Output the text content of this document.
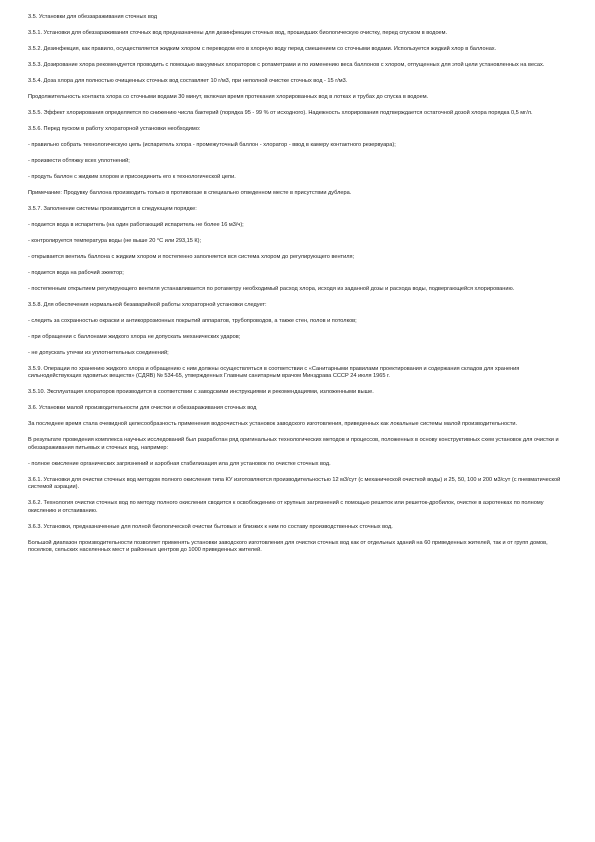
3.5. Установки для обеззараживания сточных вод

3.5.1. Установки для обеззараживания сточных вод предназначены для дезинфекции сточных вод, прошедших биологическую очистку, перед спуском в водоем.

3.5.2. Дезинфекция, как правило, осуществляется жидким хлором с переводом его в хлорную воду перед смешением со сточными водами. Используется жидкий хлор в баллонах.

3.5.3. Дозирование хлора рекомендуется проводить с помощью вакуумных хлораторов с ротаметрами и по изменению веса баллонов с хлором, отпущенных для этой цели установленных на весах.

3.5.4. Доза хлора для полностью очищенных сточных вод составляет 10 г/м3, при неполной очистке сточных вод - 15 г/м3.

Продолжительность контакта хлора со сточными водами 30 минут, включая время протекания хлорированных вод в лотках и трубах до спуска в водоем.

3.5.5. Эффект хлорирования определяется по снижению числа бактерий (порядка 95 - 99 % от исходного). Надежность хлорирования подтверждается остаточной дозой хлора порядка 0,5 мг/л.

3.5.6. Перед пуском в работу хлораторной установки необходимо:

- правильно собрать технологическую цепь (испаритель хлора - промежуточный баллон - хлоратор - ввод в камеру контактного резервуара);

- произвести обтяжку всех уплотнений;

- продуть баллон с жидким хлором и присоединить его к технологической цепи.

Примечание: Продувку баллона производить только в противогазе в специально отведенном месте в присутствии дублера.

3.5.7. Заполнение системы производится в следующем порядке:

- подается вода в испаритель (на один работающий испаритель не более 16 м3/ч);

- контролируется температура воды (не выше 20 °С или 293,15 К);

- открывается вентиль баллона с жидким хлором и постепенно заполняется вся система хлором до регулирующего вентиля;

- подается вода на рабочий эжектор;

- постепенным открытием регулирующего вентиля устанавливается по ротаметру необходимый расход хлора, исходя из заданной дозы и расхода воды, подвергающейся хлорированию.

3.5.8. Для обеспечения нормальной безаварийной работы хлораторной установки следует:

- следить за сохранностью окраски и антикоррозионных покрытий аппаратов, трубопроводов, а также стен, полов и потолков;

- при обращении с баллонами жидкого хлора не допускать механических ударов;

- не допускать утечки из уплотнительных соединений;

3.5.9. Операции по хранению жидкого хлора и обращению с ним должны осуществляться в соответствии с «Санитарными правилами проектирования и содержания складов для хранения сильнодействующих ядовитых веществ» (СДЯВ) № 534-65, утвержденных Главным санитарным врачом Минздрава СССР 24 июля 1965 г.

3.5.10. Эксплуатация хлораторов производится в соответствии с заводскими инструкциями и рекомендациями, изложенными выше.

3.6. Установки малой производительности для очистки и обеззараживания сточных вод

За последнее время стала очевидной целесообразность применения водоочистных установок заводского изготовления, приведенных как локальные системы малой производительности.

В результате проведения комплекса научных исследований был разработан ряд оригинальных технологических методов и процессов, положенных в основу конструктивных схем установок для очистки и обеззараживания питьевых и сточных вод, например:

- полное окисление органических загрязнений и аэробная стабилизация ила для установок по очистке сточных вод.

3.6.1. Установки для очистки сточных вод методом полного окисления типа КУ изготовляются производительностью 12 м3/сут (с механической очисткой воды) и 25, 50, 100 и 200 м3/сут (с пневматической системой аэрации).

3.6.2. Технология очистки сточных вод по методу полного окисления сводится к освобождению от крупных загрязнений с помощью решеток или решеток-дробилок, очистке в аэротенках по полному окислению и отстаиванию.

3.6.3. Установки, предназначенные для полной биологической очистки бытовых и близких к ним по составу производственных сточных вод.

Большой диапазон производительности позволяет применять установки заводского изготовления для очистки сточных вод как от отдельных зданий на 60 приведенных жителей, так и от групп домов, поселков, сельских населенных мест и районных центров до 1000 приведенных жителей.
